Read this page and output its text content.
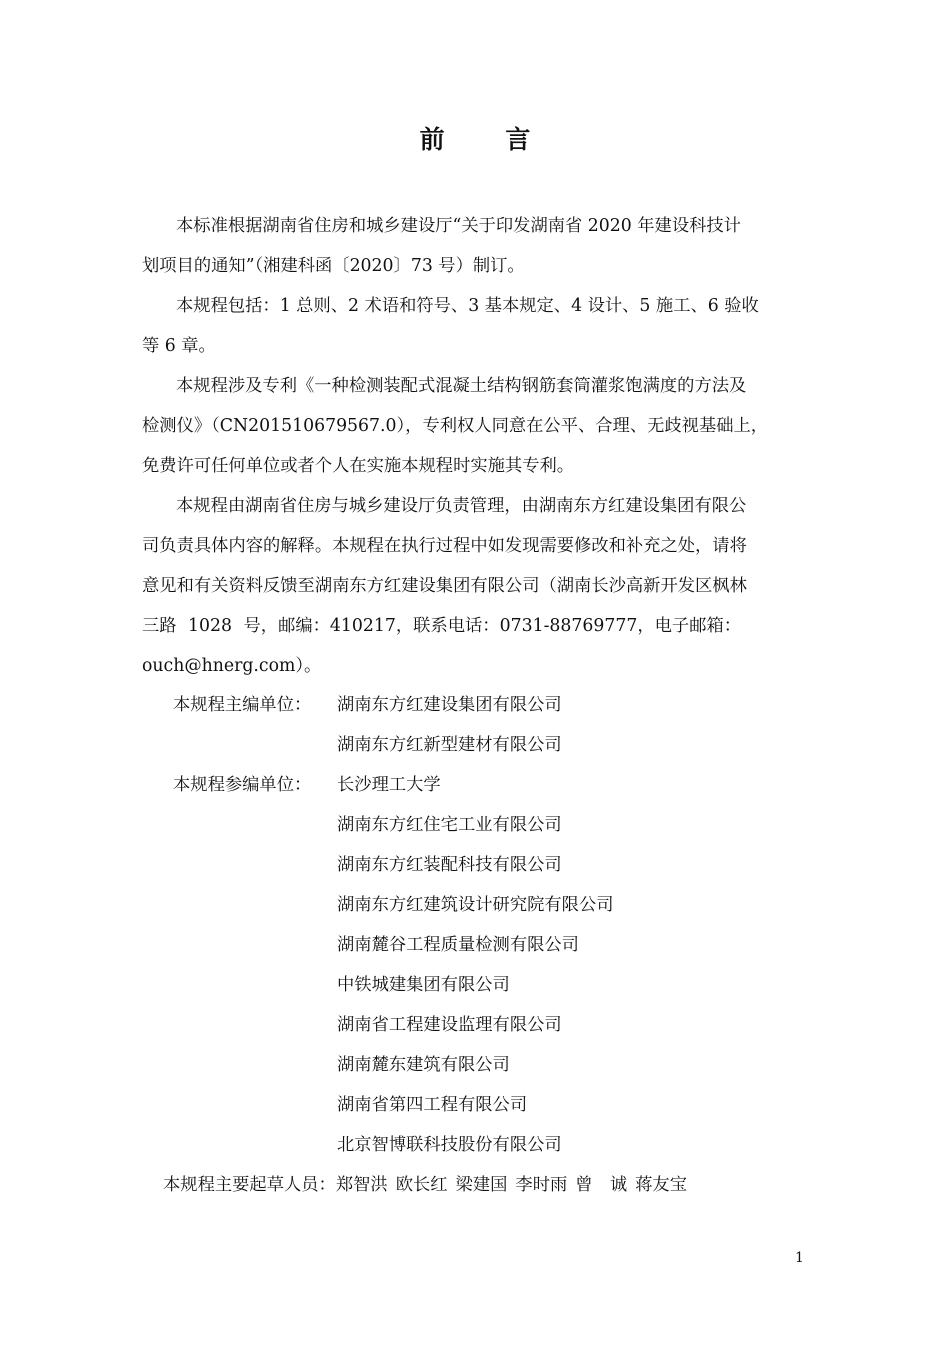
前 言
本标准根据湖南省住房和城乡建设厅“关于印发湖南省 2020 年建设科技计
划项目的通知”（湘建科函〔2020〕73 号）制订。
本规程包括：1 总则、2 术语和符号、3 基本规定、4 设计、5 施工、6 验收
等 6 章。
本规程涉及专利《一种检测装配式混凝土结构钢筋套筒灌浆饱满度的方法及
检测仪》（CN201510679567.0），专利权人同意在公平、合理、无歧视基础上，
免费许可任何单位或者个人在实施本规程时实施其专利。
本规程由湖南省住房与城乡建设厅负责管理，由湖南东方红建设集团有限公
司负责具体内容的解释。本规程在执行过程中如发现需要修改和补充之处，请将
意见和有关资料反馈至湖南东方红建设集团有限公司（湖南长沙高新开发区枫林
三路 1028 号，邮编：410217，联系电话：0731-88769777，电子邮箱：
ouch@hnerg.com）。
本规程主编单位： 湖南东方红建设集团有限公司
湖南东方红新型建材有限公司
本规程参编单位： 长沙理工大学
湖南东方红住宅工业有限公司
湖南东方红装配科技有限公司
湖南东方红建筑设计研究院有限公司
湖南麓谷工程质量检测有限公司
中铁城建集团有限公司
湖南省工程建设监理有限公司
湖南麓东建筑有限公司
湖南省第四工程有限公司
北京智博联科技股份有限公司
本规程主要起草人员：郑智洪 欧长红 梁建国 李时雨 曾　诚 蒋友宝
1
